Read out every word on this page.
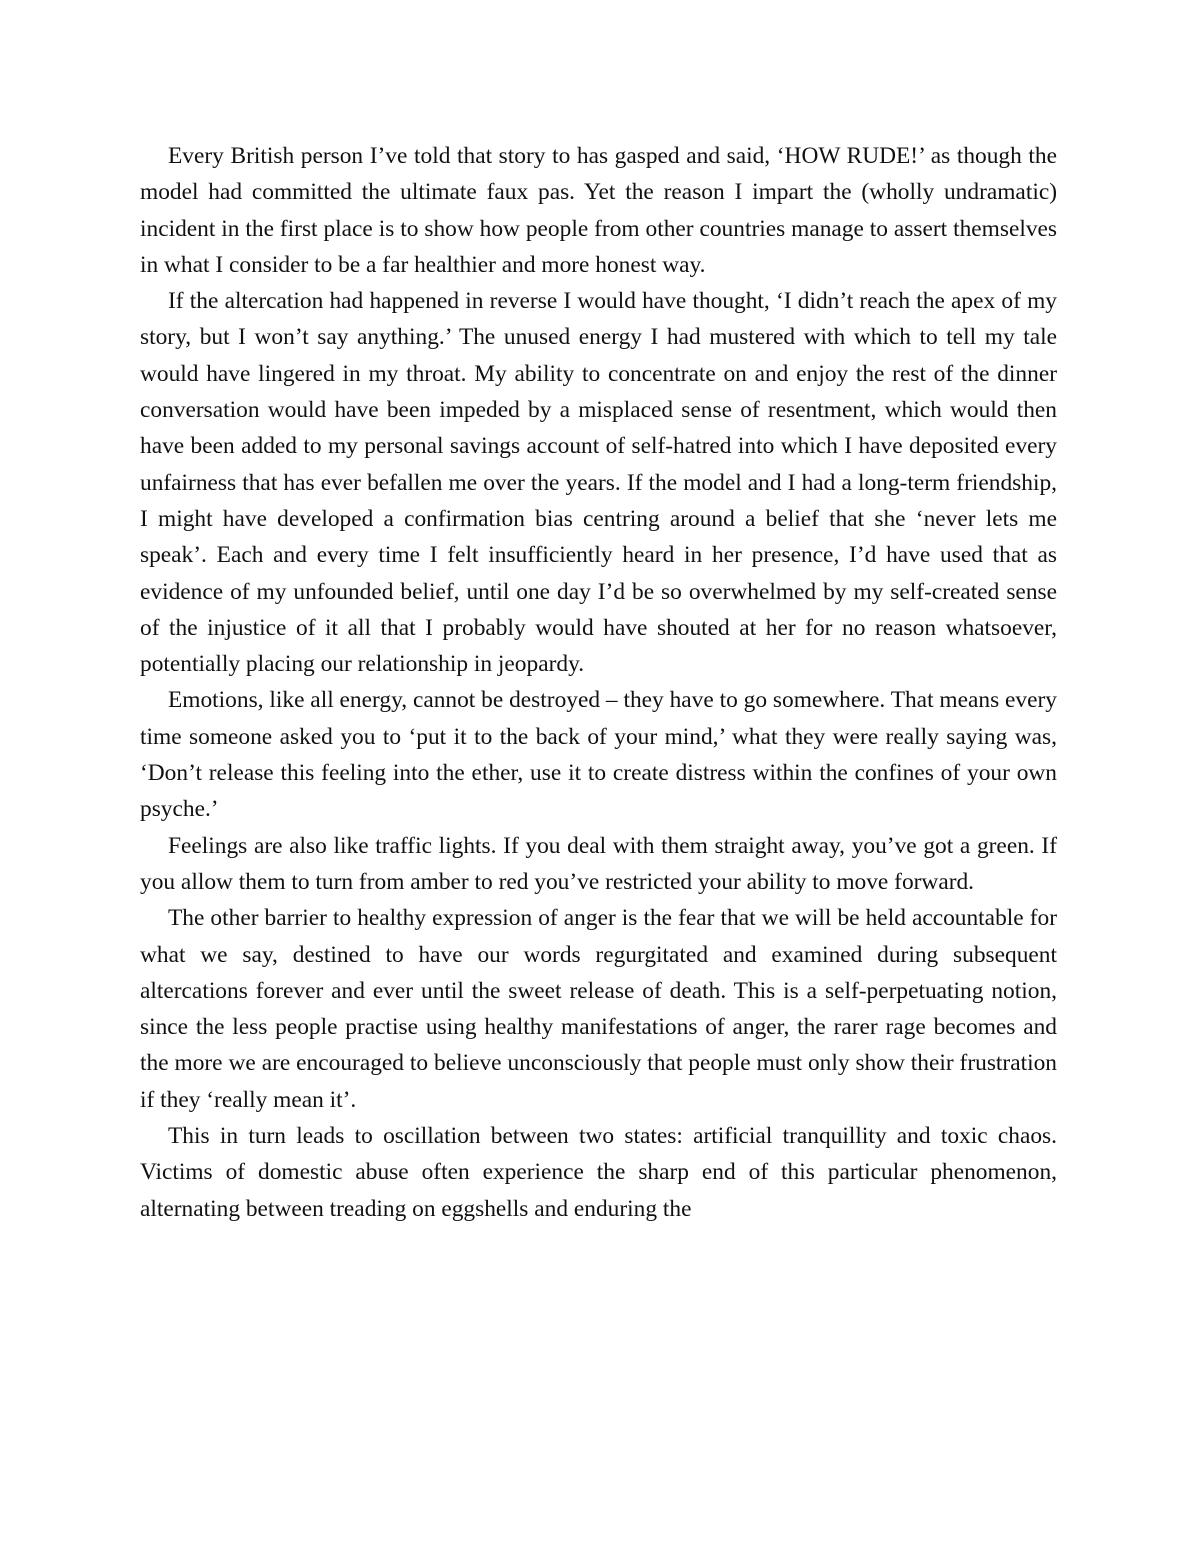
Every British person I’ve told that story to has gasped and said, ‘HOW RUDE!’ as though the model had committed the ultimate faux pas. Yet the reason I impart the (wholly undramatic) incident in the first place is to show how people from other countries manage to assert themselves in what I consider to be a far healthier and more honest way.

If the altercation had happened in reverse I would have thought, ‘I didn’t reach the apex of my story, but I won’t say anything.’ The unused energy I had mustered with which to tell my tale would have lingered in my throat. My ability to concentrate on and enjoy the rest of the dinner conversation would have been impeded by a misplaced sense of resentment, which would then have been added to my personal savings account of self-hatred into which I have deposited every unfairness that has ever befallen me over the years. If the model and I had a long-term friendship, I might have developed a confirmation bias centring around a belief that she ‘never lets me speak’. Each and every time I felt insufficiently heard in her presence, I’d have used that as evidence of my unfounded belief, until one day I’d be so overwhelmed by my self-created sense of the injustice of it all that I probably would have shouted at her for no reason whatsoever, potentially placing our relationship in jeopardy.

Emotions, like all energy, cannot be destroyed – they have to go somewhere. That means every time someone asked you to ‘put it to the back of your mind,’ what they were really saying was, ‘Don’t release this feeling into the ether, use it to create distress within the confines of your own psyche.’

Feelings are also like traffic lights. If you deal with them straight away, you’ve got a green. If you allow them to turn from amber to red you’ve restricted your ability to move forward.

The other barrier to healthy expression of anger is the fear that we will be held accountable for what we say, destined to have our words regurgitated and examined during subsequent altercations forever and ever until the sweet release of death. This is a self-perpetuating notion, since the less people practise using healthy manifestations of anger, the rarer rage becomes and the more we are encouraged to believe unconsciously that people must only show their frustration if they ‘really mean it’.

This in turn leads to oscillation between two states: artificial tranquillity and toxic chaos. Victims of domestic abuse often experience the sharp end of this particular phenomenon, alternating between treading on eggshells and enduring the
